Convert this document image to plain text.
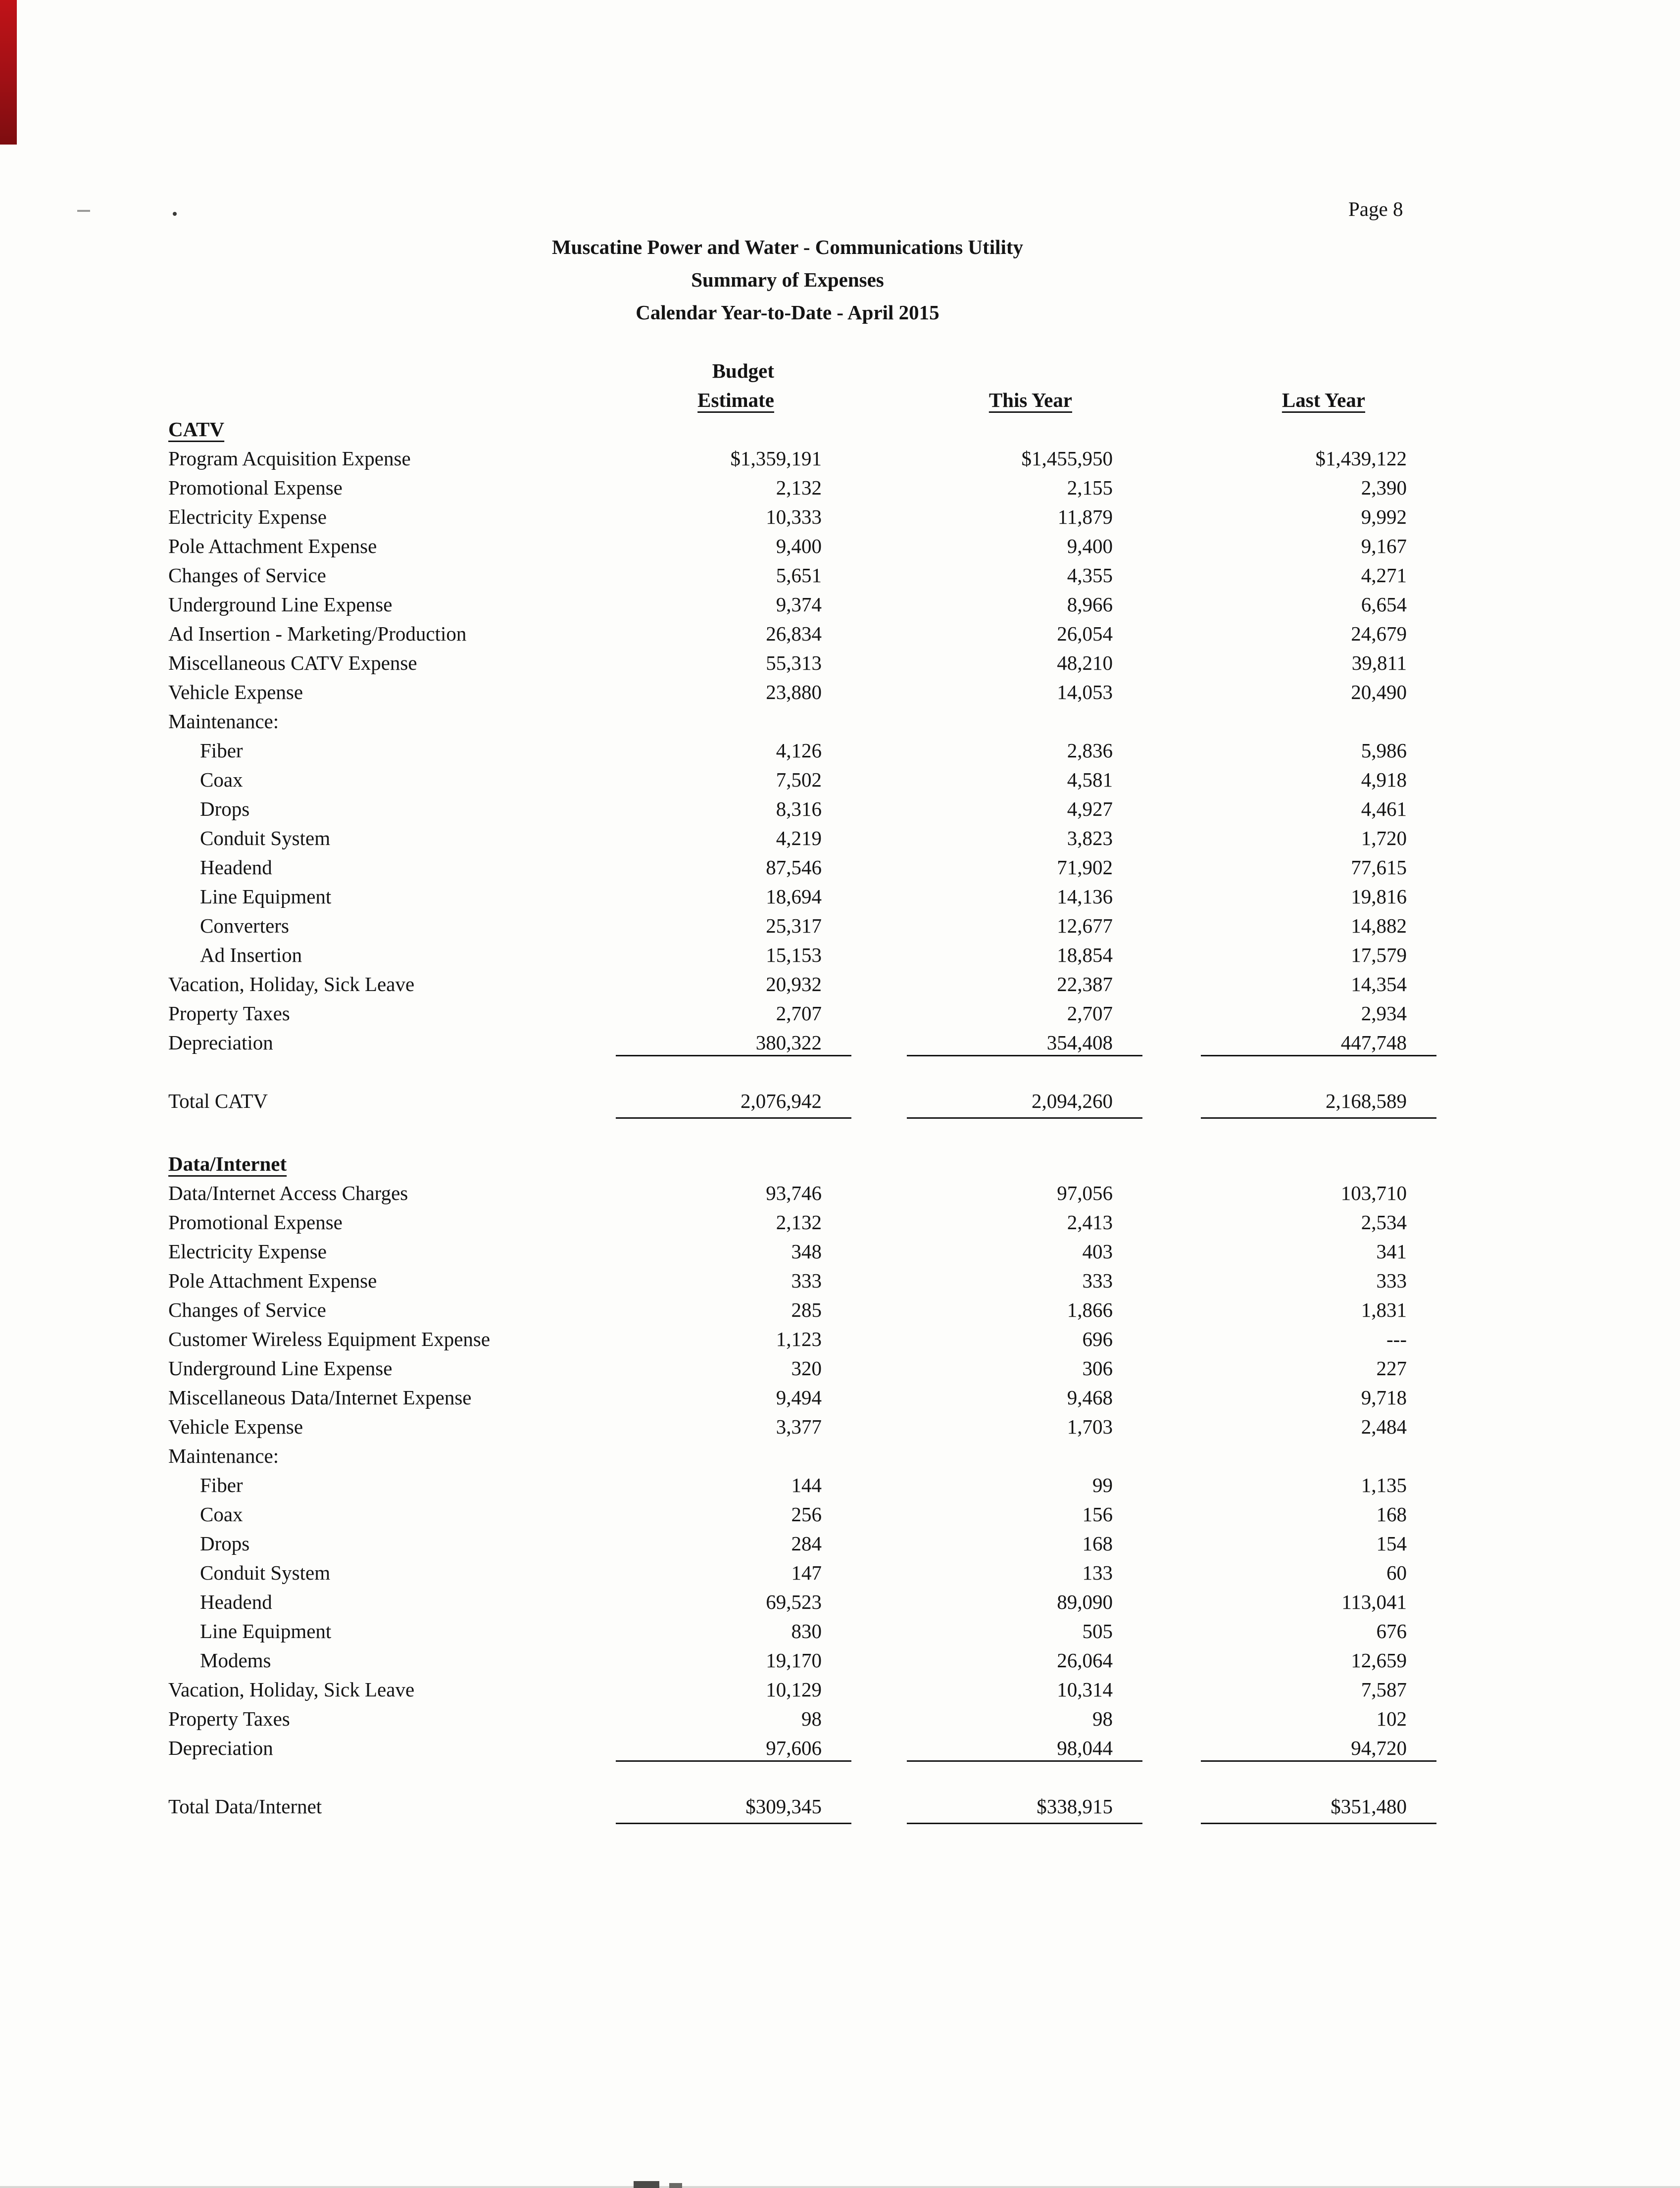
Page 8
Muscatine Power and Water - Communications Utility
Summary of Expenses
Calendar Year-to-Date - April 2015
Budget
Estimate	This Year	Last Year
CATV
Program Acquisition Expense	$1,359,191	$1,455,950	$1,439,122
Promotional Expense	2,132	2,155	2,390
Electricity Expense	10,333	11,879	9,992
Pole Attachment Expense	9,400	9,400	9,167
Changes of Service	5,651	4,355	4,271
Underground Line Expense	9,374	8,966	6,654
Ad Insertion - Marketing/Production	26,834	26,054	24,679
Miscellaneous CATV Expense	55,313	48,210	39,811
Vehicle Expense	23,880	14,053	20,490
Maintenance:
Fiber	4,126	2,836	5,986
Coax	7,502	4,581	4,918
Drops	8,316	4,927	4,461
Conduit System	4,219	3,823	1,720
Headend	87,546	71,902	77,615
Line Equipment	18,694	14,136	19,816
Converters	25,317	12,677	14,882
Ad Insertion	15,153	18,854	17,579
Vacation, Holiday, Sick Leave	20,932	22,387	14,354
Property Taxes	2,707	2,707	2,934
Depreciation	380,322	354,408	447,748
Total CATV	2,076,942	2,094,260	2,168,589
Data/Internet
Data/Internet Access Charges	93,746	97,056	103,710
Promotional Expense	2,132	2,413	2,534
Electricity Expense	348	403	341
Pole Attachment Expense	333	333	333
Changes of Service	285	1,866	1,831
Customer Wireless Equipment Expense	1,123	696	---
Underground Line Expense	320	306	227
Miscellaneous Data/Internet Expense	9,494	9,468	9,718
Vehicle Expense	3,377	1,703	2,484
Maintenance:
Fiber	144	99	1,135
Coax	256	156	168
Drops	284	168	154
Conduit System	147	133	60
Headend	69,523	89,090	113,041
Line Equipment	830	505	676
Modems	19,170	26,064	12,659
Vacation, Holiday, Sick Leave	10,129	10,314	7,587
Property Taxes	98	98	102
Depreciation	97,606	98,044	94,720
Total Data/Internet	$309,345	$338,915	$351,480
